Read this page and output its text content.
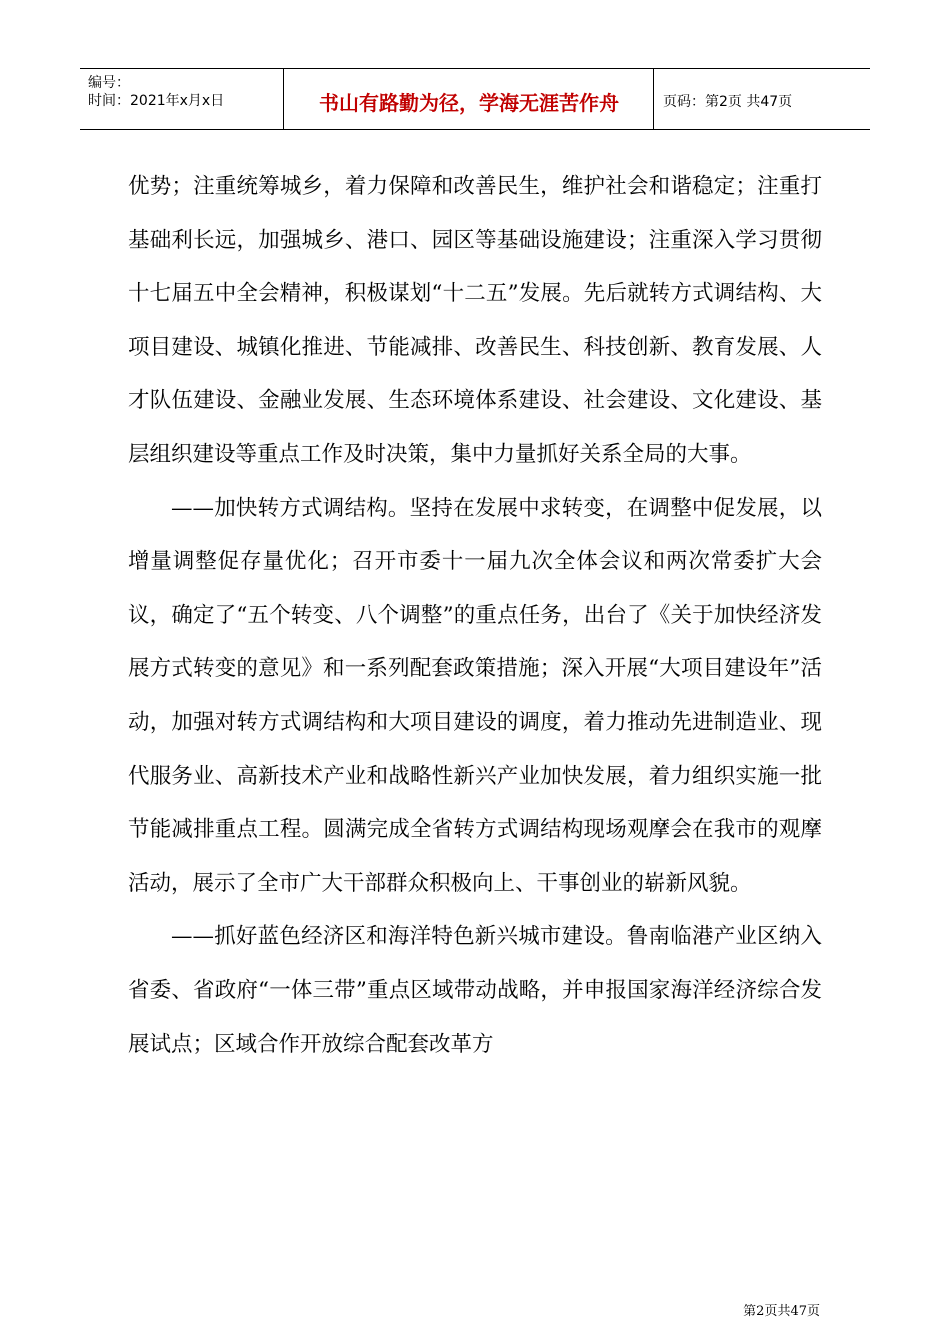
编号：
时间：2021年x月x日	书山有路勤为径，学海无涯苦作舟	页码：第2页 共47页

优势；注重统筹城乡，着力保障和改善民生，维护社会和谐稳定；注重打基础利长远，加强城乡、港口、园区等基础设施建设；注重深入学习贯彻十七届五中全会精神，积极谋划“十二五”发展。先后就转方式调结构、大项目建设、城镇化推进、节能减排、改善民生、科技创新、教育发展、人才队伍建设、金融业发展、生态环境体系建设、社会建设、文化建设、基层组织建设等重点工作及时决策，集中力量抓好关系全局的大事。

——加快转方式调结构。坚持在发展中求转变，在调整中促发展，以增量调整促存量优化；召开市委十一届九次全体会议和两次常委扩大会议，确定了“五个转变、八个调整”的重点任务，出台了《关于加快经济发展方式转变的意见》和一系列配套政策措施；深入开展“大项目建设年”活动，加强对转方式调结构和大项目建设的调度，着力推动先进制造业、现代服务业、高新技术产业和战略性新兴产业加快发展，着力组织实施一批节能减排重点工程。圆满完成全省转方式调结构现场观摩会在我市的观摩活动，展示了全市广大干部群众积极向上、干事创业的崭新风貌。

——抓好蓝色经济区和海洋特色新兴城市建设。鲁南临港产业区纳入省委、省政府“一体三带”重点区域带动战略，并申报国家海洋经济综合发展试点；区域合作开放综合配套改革方

第2页共47页
